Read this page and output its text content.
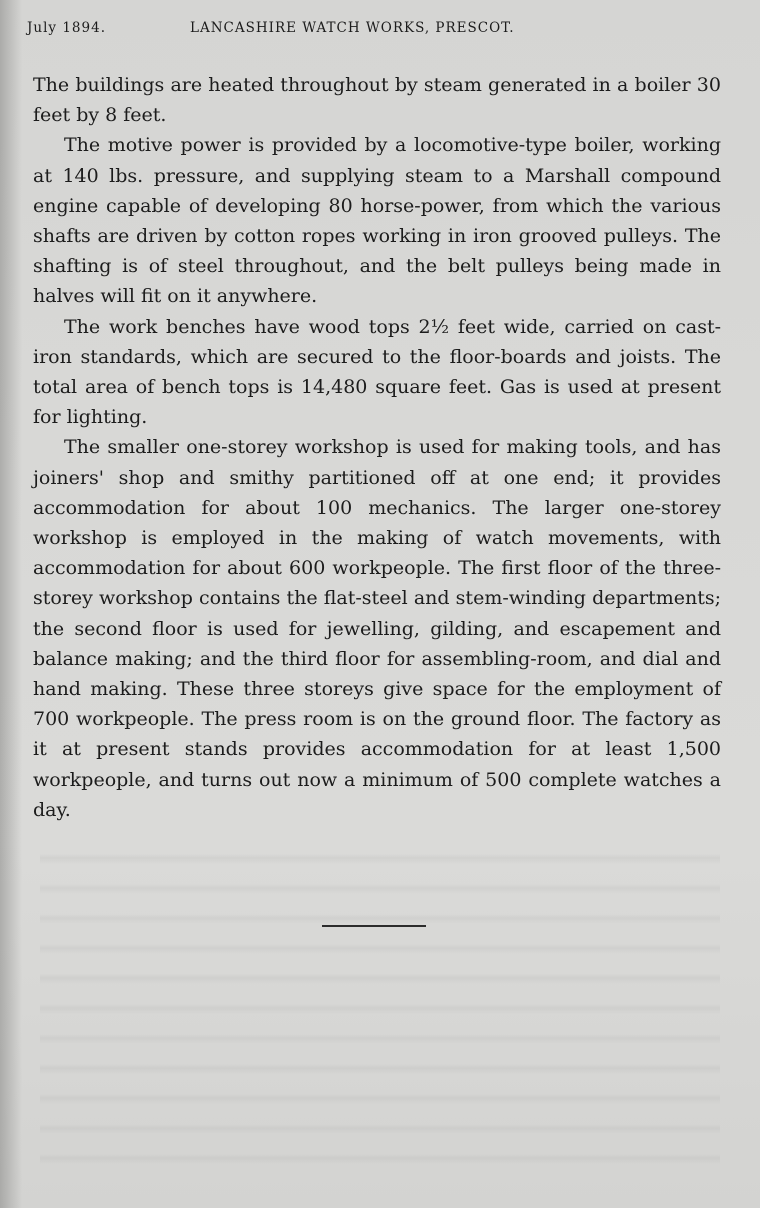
July 1894.	LANCASHIRE WATCH WORKS, PRESCOT.

The buildings are heated throughout by steam generated in a boiler 30 feet by 8 feet.

The motive power is provided by a locomotive-type boiler, working at 140 lbs. pressure, and supplying steam to a Marshall compound engine capable of developing 80 horse-power, from which the various shafts are driven by cotton ropes working in iron grooved pulleys. The shafting is of steel throughout, and the belt pulleys being made in halves will fit on it anywhere.

The work benches have wood tops 2½ feet wide, carried on cast-iron standards, which are secured to the floor-boards and joists. The total area of bench tops is 14,480 square feet. Gas is used at present for lighting.

The smaller one-storey workshop is used for making tools, and has joiners' shop and smithy partitioned off at one end; it provides accommodation for about 100 mechanics. The larger one-storey workshop is employed in the making of watch movements, with accommodation for about 600 workpeople. The first floor of the three-storey workshop contains the flat-steel and stem-winding departments; the second floor is used for jewelling, gilding, and escapement and balance making; and the third floor for assembling-room, and dial and hand making. These three storeys give space for the employment of 700 workpeople. The press room is on the ground floor. The factory as it at present stands provides accommodation for at least 1,500 workpeople, and turns out now a minimum of 500 complete watches a day.
